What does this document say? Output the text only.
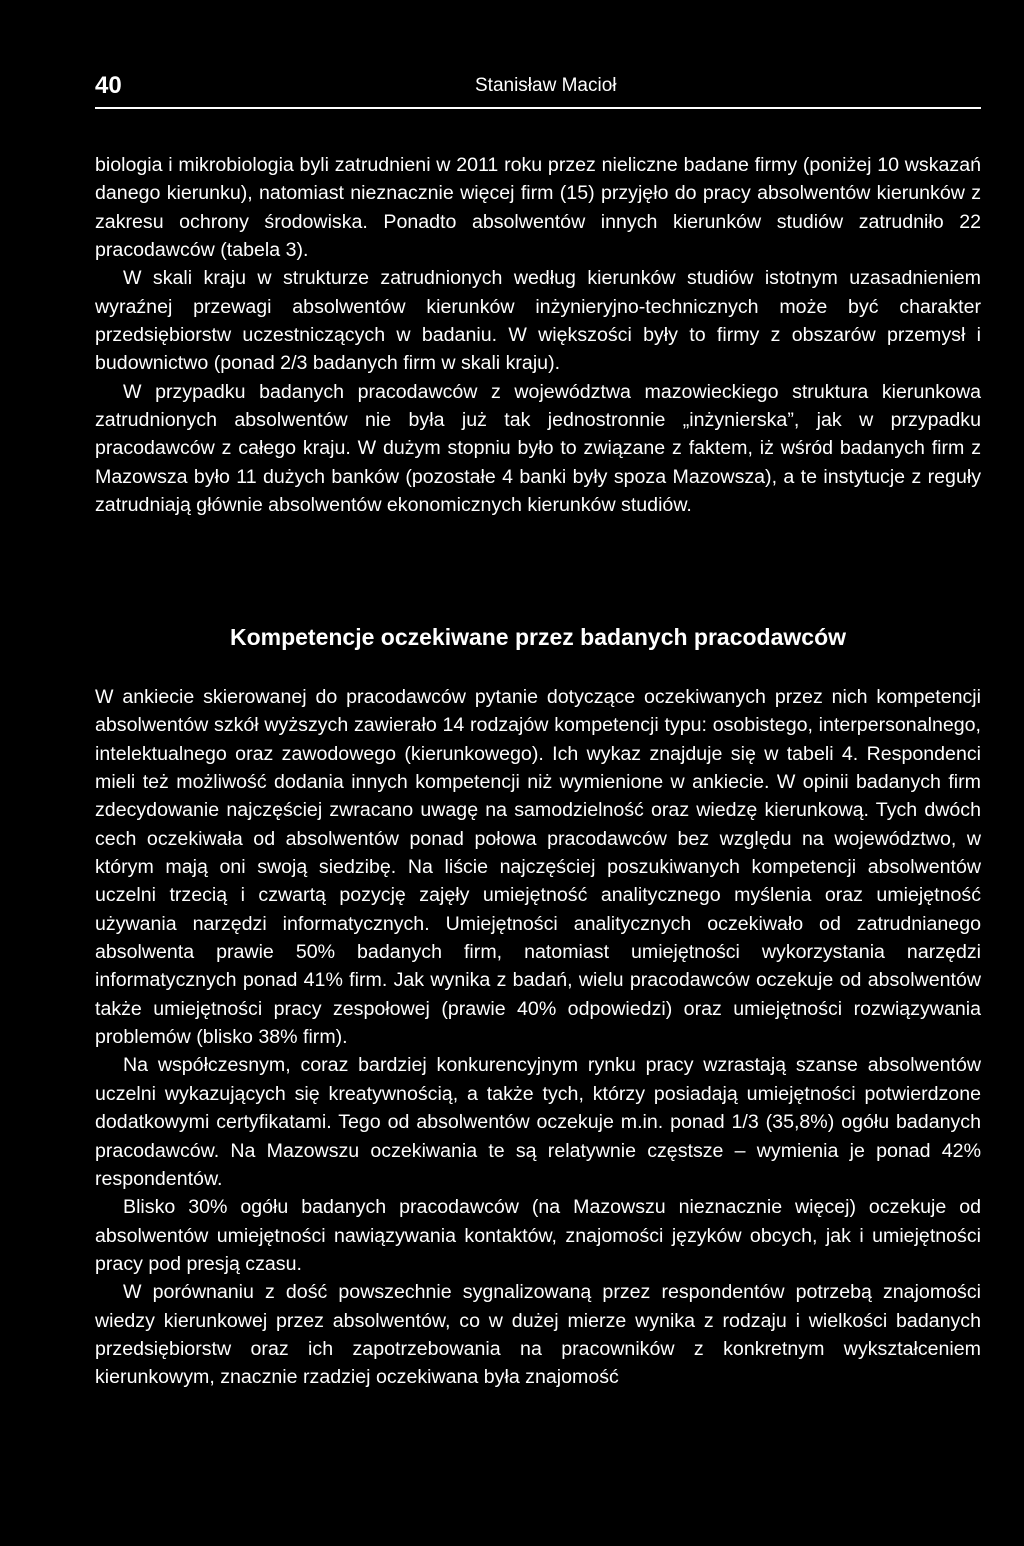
40	Stanisław Macioł

biologia i mikrobiologia byli zatrudnieni w 2011 roku przez nieliczne badane firmy (poniżej 10 wskazań danego kierunku), natomiast nieznacznie więcej firm (15) przyjęło do pracy absolwentów kierunków z zakresu ochrony środowiska. Ponadto absolwentów innych kierunków studiów zatrudniło 22 pracodawców (tabela 3).

W skali kraju w strukturze zatrudnionych według kierunków studiów istotnym uzasadnieniem wyraźnej przewagi absolwentów kierunków inżynieryjno-technicznych może być charakter przedsiębiorstw uczestniczących w badaniu. W większości były to firmy z obszarów przemysł i budownictwo (ponad 2/3 badanych firm w skali kraju).

W przypadku badanych pracodawców z województwa mazowieckiego struktura kierunkowa zatrudnionych absolwentów nie była już tak jednostronnie „inżynierska”, jak w przypadku pracodawców z całego kraju. W dużym stopniu było to związane z faktem, iż wśród badanych firm z Mazowsza było 11 dużych banków (pozostałe 4 banki były spoza Mazowsza), a te instytucje z reguły zatrudniają głównie absolwentów ekonomicznych kierunków studiów.

Kompetencje oczekiwane przez badanych pracodawców

W ankiecie skierowanej do pracodawców pytanie dotyczące oczekiwanych przez nich kompetencji absolwentów szkół wyższych zawierało 14 rodzajów kompetencji typu: osobistego, interpersonalnego, intelektualnego oraz zawodowego (kierunkowego). Ich wykaz znajduje się w tabeli 4. Respondenci mieli też możliwość dodania innych kompetencji niż wymienione w ankiecie. W opinii badanych firm zdecydowanie najczęściej zwracano uwagę na samodzielność oraz wiedzę kierunkową. Tych dwóch cech oczekiwała od absolwentów ponad połowa pracodawców bez względu na województwo, w którym mają oni swoją siedzibę. Na liście najczęściej poszukiwanych kompetencji absolwentów uczelni trzecią i czwartą pozycję zajęły umiejętność analitycznego myślenia oraz umiejętność używania narzędzi informatycznych. Umiejętności analitycznych oczekiwało od zatrudnianego absolwenta prawie 50% badanych firm, natomiast umiejętności wykorzystania narzędzi informatycznych ponad 41% firm. Jak wynika z badań, wielu pracodawców oczekuje od absolwentów także umiejętności pracy zespołowej (prawie 40% odpowiedzi) oraz umiejętności rozwiązywania problemów (blisko 38% firm).

Na współczesnym, coraz bardziej konkurencyjnym rynku pracy wzrastają szanse absolwentów uczelni wykazujących się kreatywnością, a także tych, którzy posiadają umiejętności potwierdzone dodatkowymi certyfikatami. Tego od absolwentów oczekuje m.in. ponad 1/3 (35,8%) ogółu badanych pracodawców. Na Mazowszu oczekiwania te są relatywnie częstsze – wymienia je ponad 42% respondentów.

Blisko 30% ogółu badanych pracodawców (na Mazowszu nieznacznie więcej) oczekuje od absolwentów umiejętności nawiązywania kontaktów, znajomości języków obcych, jak i umiejętności pracy pod presją czasu.

W porównaniu z dość powszechnie sygnalizowaną przez respondentów potrzebą znajomości wiedzy kierunkowej przez absolwentów, co w dużej mierze wynika z rodzaju i wielkości badanych przedsiębiorstw oraz ich zapotrzebowania na pracowników z konkretnym wykształceniem kierunkowym, znacznie rzadziej oczekiwana była znajomość
